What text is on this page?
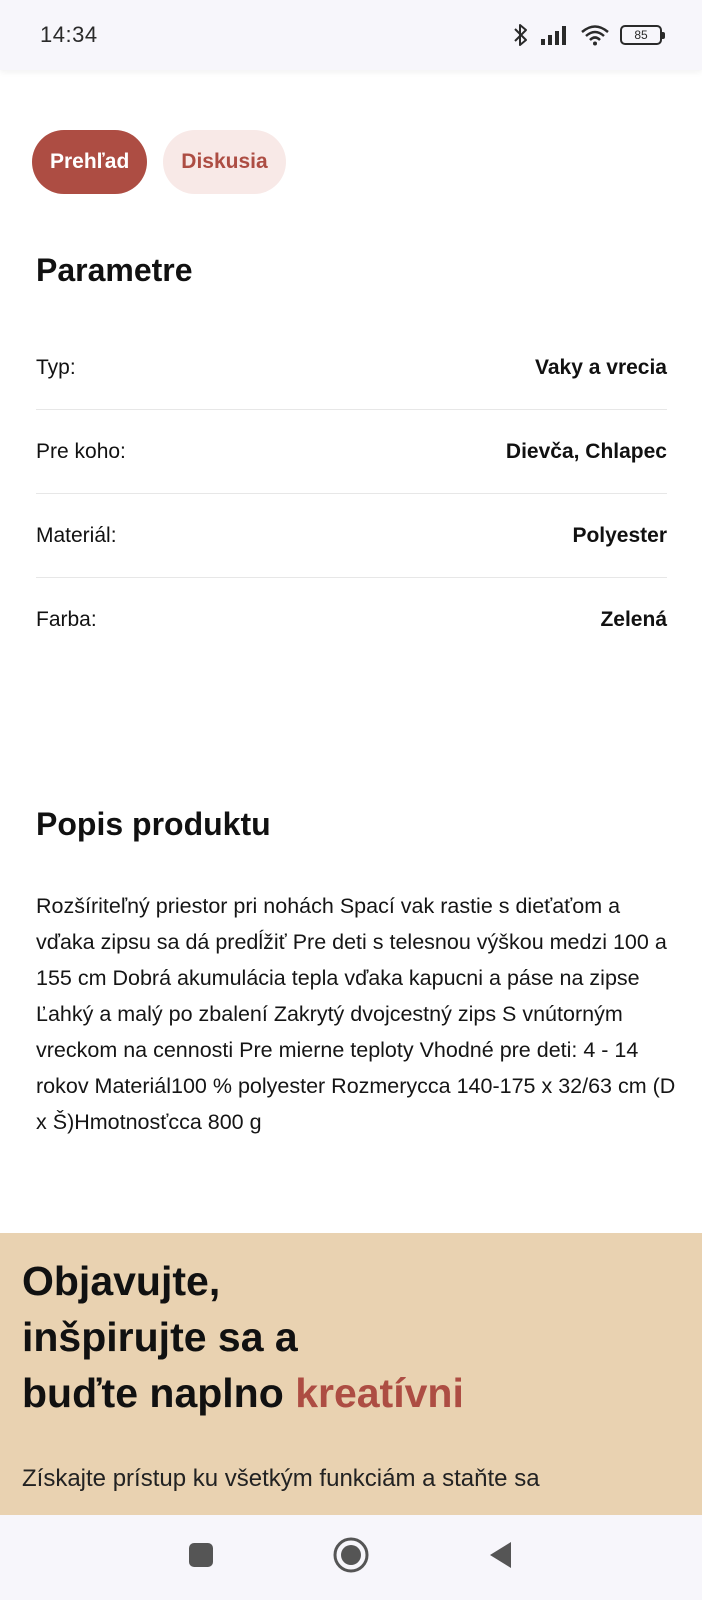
14:34	85
Prehľad	Diskusia
Parametre
Typ:	Vaky a vrecia
Pre koho:	Dievča, Chlapec
Materiál:	Polyester
Farba:	Zelená
Popis produktu

Rozšíriteľný priestor pri nohách Spací vak rastie s dieťaťom a vďaka zipsu sa dá predĺžiť Pre deti s telesnou výškou medzi 100 a 155 cm Dobrá akumulácia tepla vďaka kapucni a páse na zipse Ľahký a malý po zbalení Zakrytý dvojcestný zips S vnútorným vreckom na cennosti Pre mierne teploty Vhodné pre deti: 4 - 14 rokov Materiál100 % polyester Rozmerycca 140-175 x 32/63 cm (D x Š)Hmotnosťcca 800 g

Objavujte,
inšpirujte sa a
buďte naplno kreatívni
Získajte prístup ku všetkým funkciám a staňte sa
